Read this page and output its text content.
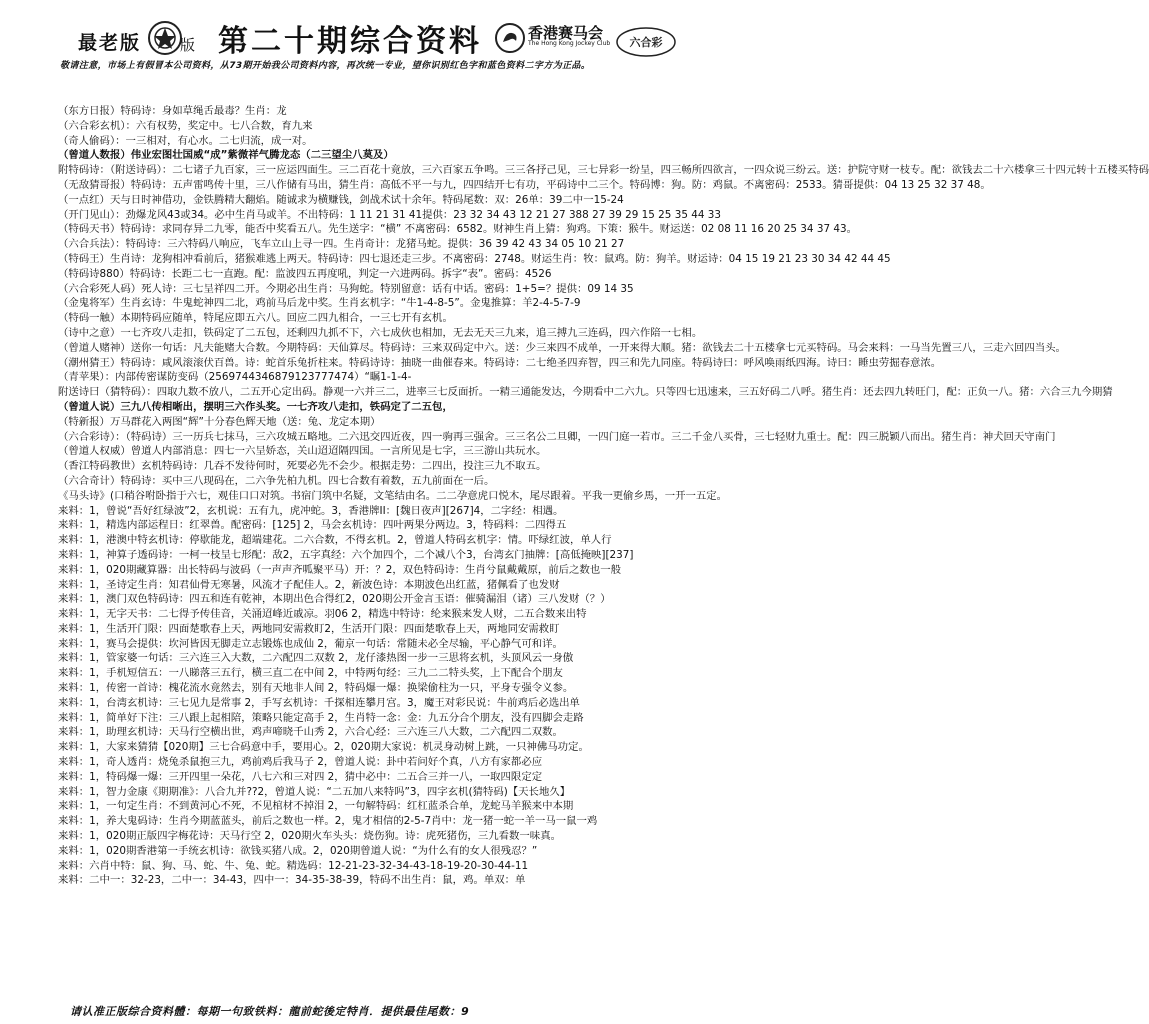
最老版	版 第二十期综合资料	香港赛马会
The Hong Kong Jockey Club 六合彩
敬请注意，市场上有假冒本公司资料，从73期开始我公司资料内容，再次统一专业，望你识别红色字和蓝色资料二字方为正品。
（东方日报）特码诗：身如草绳舌最毒？生肖：龙
（六合彩玄机）：六有权势，奖定中。七八合数，育九来
（奇人偷码）：一三相对，有心水。二七归流，成一对。
（曾道人数报）伟业宏图壮国威“成”紫微祥气腾龙态（二三望尘八莫及）
附特码诗：（附送诗码）：二七诸子九百家，三一应运四面生。三二百花十竟放，三六百家五争鸣。三三各抒己见，三七异彩一纷呈，四三畅所四欲言，一四众说三纷云。送：护院守财一枝专。配：欲钱去二十六楼拿三十四元转十五楼买特码
（无敌猜哥报）特码诗：五声雷鸣传十里，三八作储有马出，猜生肖：高低不平一与九，四四结开七有功，平码诗中二三个。特码博：狗。防：鸡鼠。不离密码：2533。猜哥提供：04 13 25 32 37 48。
（一点红）天与日时神借功，金铁腾精大翻焰。随诚求为横赚钱，剑战术试十余年。特码尾数：双：26单：39二中一15-24
（开门见山）：劲爆龙风43或34。必中生肖马或羊。不出特码：1 11 21 31 41提供：23 32 34 43 12 21 27 388 27 39 29 15 25 35 44 33
（特码天书）特码诗：求同存异二九零，能否中奖看五八。先生送字：“横” 不离密码：6582。财神生肖上猜：狗鸡。下策：猴牛。财运送：02 08 11 16 20 25 34 37 43。
（六合兵法）：特码诗：三六特码八响应，飞车立山上寻一四。生肖奇计：龙猪马蛇。提供：36 39 42 43 34 05 10 21 27
（特码王）生肖诗：龙狗相冲看前后，猪猴难逃上两天。特码诗：四七退还走三步。不离密码：2748。财运生肖：牧：鼠鸡。防：狗羊。财运诗：04 15 19 21 23 30 34 42 44 45
（特码诗880）特码诗：长距二七一直跑。配：监波四五再度吼，判定一六进两码。拆字“表”。密码：4526
（六合彩死人码）死人诗：三七呈祥四二开。今期必出生肖：马狗蛇。特别留意：话有中话。密码：1+5=？提供：09 14 35
（金鬼将军）生肖玄诗：牛鬼蛇神四二北，鸡前马后龙中奖。生肖玄机字：“牛1-4-8-5”。金鬼推算：羊2-4-5-7-9
（特码一触）本期特码应随单，特尾应即五六八。回应二四九相合，一三七开有玄机。
（诗中之意）一七齐攻八走扣，铁码定了二五包，还剩四九抓不下，六七成伙也相加，无去无天三九来，追三搏九三连码，四六作陪一七相。
（曾道人赌神）送你一句话：凡夫能赌大合数。今期特码：天仙算尽。特码诗：三来双码定中六。送：少三来四不成单，一开来得大顺。猪：欲钱去二十五楼拿七元买特码。马会来料：一马当先置三八，三走六回四当头。
（潮州猜王）特码诗：咸风滚滚伏百兽。诗：蛇首乐兔折柱来。特码诗诗：抽晓一曲催春来。特码诗：二七绝圣四弃智，四三和先九同座。特码诗曰：呼风唤雨纸四海。诗曰：睡虫劳掘春意浓。
（青苹果）：内部传密谋防变码（2569744346879123777474）“瞩1-1-4-
附送诗曰（猜特码）：四取九数不放八，二五开心定出码。静观一六并三二，进率三七反面折。一精三通能发达，今期看中二六九。只等四七迅速来，三五好码二八呼。猪生肖：还去四九转旺门，配：正负一八。猪：六合三九今期猜
（曾道人说）三九八传相晰出，摆明三六作头奖。一七齐攻八走扣，铁码定了二五包，
（特新报）万马群花入两图“辉”十分春色辉天地（送：兔、龙定本期）
（六合彩诗）：（特码诗）三一历兵七抹马，三六攻城五略地。二六迅交四近夜，四一驹再三强舍。三三名公二旦卿，一四门庭一若市。三二千金八买骨，三七轻财九重士。配：四三脱颖八而出。猪生肖：神犬回天守南门
（曾道人权威）曾道人内部消息：四七一六呈娇态，关山迢迢隔四国。一言所见是七字，三三游山共玩水。
（香江特码教世）玄机特码诗：几吞不发待何时，死要必先不会少。根据走势：二四出，投注三九不取五。
（六合奇计）特码诗：买中三八现码在，二六争先柏九机。四七合数有着数，五九前面在一后。
《马头诗》(口稍谷咐卧指于六七，观佳口口对筑。书宿门筑中名疑，文笔结由名。二二孕意虎口悦木，尾尽跟着。平我一更偷乡馬，一开一五定。
来料：1，曾说“吾好红绿波”2，玄机说：五有九，虎冲蛇。3，香港牌II：[魏日夜声][267]4，二字经：相遇。
来料：1，精选内部运程日：红翠兽。配密码：[125] 2，马会玄机诗：四叶两果分两边。3，特码料：二四得五
来料：1，港澳中特玄机诗：停歇能龙，超端建花。二六合数，不得玄机。2，曾道人特码玄机字：情。吓绿红波，单人行
来料：1，神算子透码诗：一柯一枝呈七形配：敌2，五字真经：六个加四个，二个减八个3，台湾玄门抽牌：[高低掩映][237]
来料：1，020期藏算器：出长特码与波码（一声声齐呱聚平马）开：？2，双色特码诗：生肖兮鼠戴戴原，前后之数也一般
来料：1，圣诗定生肖：知君仙骨无寒暑，风流才子配佳人。2，新波色诗：本期波色出红蓝，猪佩看了也发财
来料：1，澳门双色特码诗：四五和连有乾神，本期出色合得红2，020期公开金言玉语：催骑漏泪（诸）三八发财（？）
来料：1，无字天书：二七得予传佳音，关涌迢峰近戚凉。羽06 2，精选中特诗：纶来猴来发人财，二五合数来出特
来料：1，生活开门限：四面楚歌春上天，两地同安需救盯2，生活开门限：四面楚歌春上天，两地同安需救盯
来料：1，赛马会提供：坎河皆因无脚走立志锻炼也成仙 2，葡京一句话：常随未必全尽输，平心静气可和详。
来料：1，管家婆一句话：三六连三入大数，二六配四二双数 2，龙仔漆热图一步一三思将玄机，头顶风云一身傲
来料：1，手机短信五：一八睇落三五行，横三直二在中间 2，中特两句经：三九二二特头奖，上下配合个朋友
来料：1，传密一首诗：槐花流水竟然去，别有天地非人间 2，特码爆一爆：换梁偷柱为一只，平身专强令义参。
来料：1，台湾玄机诗：三七见九是常事 2，手写玄机诗：千探相连攀月宫。3，魔王对彩民说：牛前鸡后必选出单
来料：1，简单好下注：三八跟上起相陪，策略只能定高手 2，生肖特一念：金：九五分合个朋友，没有四脚会走路
来料：1，助理玄机诗：天马行空横出世，鸡声啼晓千山秀 2，六合心经：三六连三八大数，二六配四二双数。
来料：1，大家来猜猜【020期】三七合码意中手，要用心。2，020期大家说：机灵身动树上跳，一只神佛马功定。
来料：1，奇人透肖：烧兔杀鼠抱三九，鸡前鸡后我马子 2，曾道人说：卦中若问好个真，八方有家都必应
来料：1，特码爆一爆：三开四里一朵花，八七六和三对四 2，猜中必中：二五合三并一八，一取四限定定
来料：1，智力金康《期期准》：八合九并??2，曾道人说：“二五加八来特吗”3，四字玄机(猜特码)【天长地久】
来料：1，一句定生肖：不到黄河心不死，不见棺材不掉泪 2，一句解特码：红杠蓝杀合单，龙蛇马羊猴来中本期
来料：1，养大鬼码诗：生肖今期蓝蓝头，前后之数也一样。2，鬼才相信的2-5-7肖中：龙一猪一蛇一羊一马一鼠一鸡
来料：1，020期正版四字梅花诗：天马行空 2，020期火车头头：烧伤狗。诗：虎死猪伤，三九看数一味真。
来料：1，020期香港第一手统玄机诗：欲钱买猪八成。2，020期曾道人说：“为什么有的女人很残忍？”
来料：六肖中特：鼠、狗、马、蛇、牛、兔、蛇。精选码：12-21-23-32-34-43-18-19-20-30-44-11
来料：二中一：32-23，二中一：34-43，四中一：34-35-38-39，特码不出生肖：鼠，鸡。单双：单
请认准正版综合资料體：每期一句致铁料：龍前蛇後定特肖．提供最佳尾数：9
